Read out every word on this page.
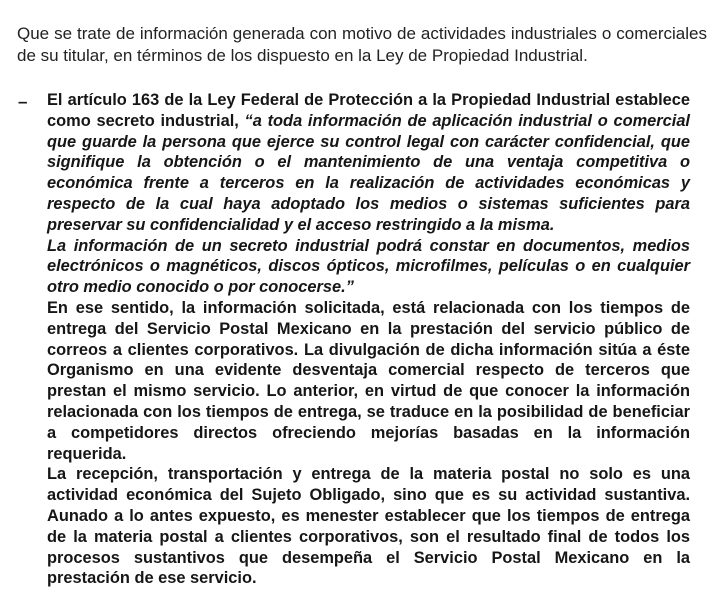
Que se trate de información generada con motivo de actividades industriales o comerciales de su titular, en términos de los dispuesto en la Ley de Propiedad Industrial.

– El artículo 163 de la Ley Federal de Protección a la Propiedad Industrial establece como secreto industrial, “a toda información de aplicación industrial o comercial que guarde la persona que ejerce su control legal con carácter confidencial, que signifique la obtención o el mantenimiento de una ventaja competitiva o económica frente a terceros en la realización de actividades económicas y respecto de la cual haya adoptado los medios o sistemas suficientes para preservar su confidencialidad y el acceso restringido a la misma.

La información de un secreto industrial podrá constar en documentos, medios electrónicos o magnéticos, discos ópticos, microfilmes, películas o en cualquier otro medio conocido o por conocerse.”

En ese sentido, la información solicitada, está relacionada con los tiempos de entrega del Servicio Postal Mexicano en la prestación del servicio público de correos a clientes corporativos. La divulgación de dicha información sitúa a éste Organismo en una evidente desventaja comercial respecto de terceros que prestan el mismo servicio. Lo anterior, en virtud de que conocer la información relacionada con los tiempos de entrega, se traduce en la posibilidad de beneficiar a competidores directos ofreciendo mejorías basadas en la información requerida.

La recepción, transportación y entrega de la materia postal no solo es una actividad económica del Sujeto Obligado, sino que es su actividad sustantiva. Aunado a lo antes expuesto, es menester establecer que los tiempos de entrega de la materia postal a clientes corporativos, son el resultado final de todos los procesos sustantivos que desempeña el Servicio Postal Mexicano en la prestación de ese servicio.
